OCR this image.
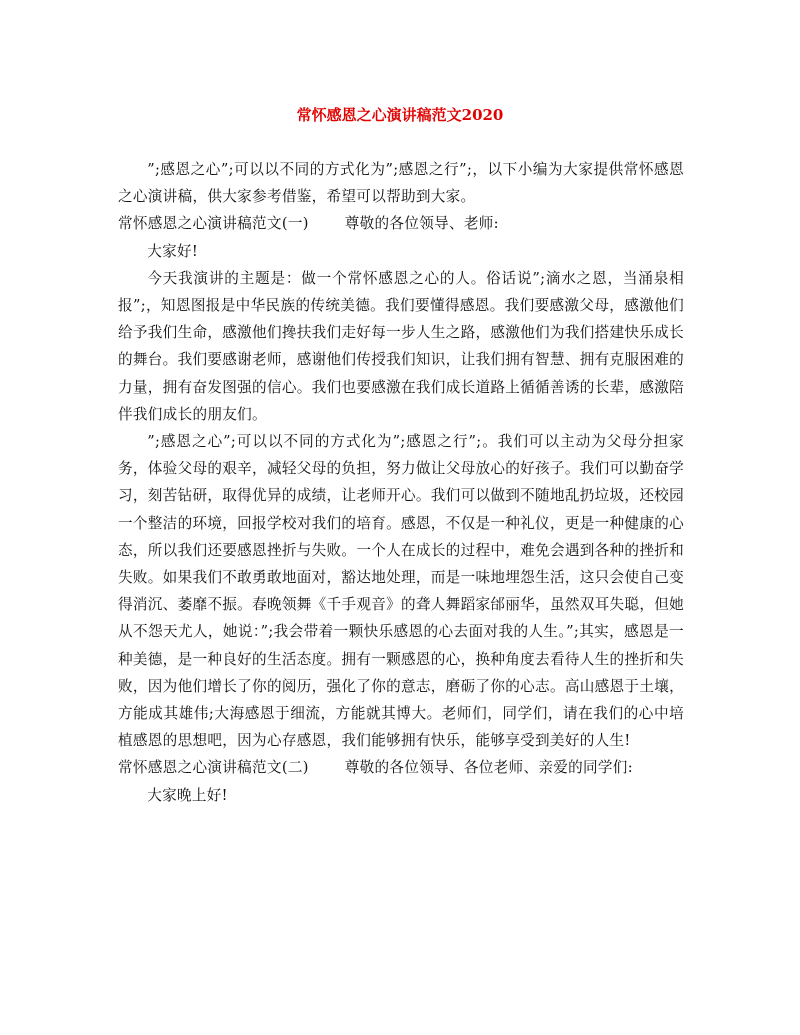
常怀感恩之心演讲稿范文2020

”;感恩之心”;可以以不同的方式化为”;感恩之行”;，以下小编为大家提供常怀感恩之心演讲稿，供大家参考借鉴，希望可以帮助到大家。

常怀感恩之心演讲稿范文(一) 尊敬的各位领导、老师:

大家好!

今天我演讲的主题是：做一个常怀感恩之心的人。俗话说”;滴水之恩，当涌泉相报”;，知恩图报是中华民族的传统美德。我们要懂得感恩。我们要感激父母，感激他们给予我们生命，感激他们搀扶我们走好每一步人生之路，感激他们为我们搭建快乐成长的舞台。我们要感谢老师，感谢他们传授我们知识，让我们拥有智慧、拥有克服困难的力量，拥有奋发图强的信心。我们也要感激在我们成长道路上循循善诱的长辈，感激陪伴我们成长的朋友们。

”;感恩之心”;可以以不同的方式化为”;感恩之行”;。我们可以主动为父母分担家务，体验父母的艰辛，减轻父母的负担，努力做让父母放心的好孩子。我们可以勤奋学习，刻苦钻研，取得优异的成绩，让老师开心。我们可以做到不随地乱扔垃圾，还校园一个整洁的环境，回报学校对我们的培育。感恩，不仅是一种礼仪，更是一种健康的心态，所以我们还要感恩挫折与失败。一个人在成长的过程中，难免会遇到各种的挫折和失败。如果我们不敢勇敢地面对，豁达地处理，而是一味地埋怨生活，这只会使自己变得消沉、萎靡不振。春晚领舞《千手观音》的聋人舞蹈家邰丽华，虽然双耳失聪，但她从不怨天尤人，她说：”;我会带着一颗快乐感恩的心去面对我的人生。”;其实，感恩是一种美德，是一种良好的生活态度。拥有一颗感恩的心，换种角度去看待人生的挫折和失败，因为他们增长了你的阅历，强化了你的意志，磨砺了你的心志。高山感恩于土壤，方能成其雄伟;大海感恩于细流，方能就其博大。老师们，同学们，请在我们的心中培植感恩的思想吧，因为心存感恩，我们能够拥有快乐，能够享受到美好的人生!

常怀感恩之心演讲稿范文(二) 尊敬的各位领导、各位老师、亲爱的同学们:

大家晚上好!
